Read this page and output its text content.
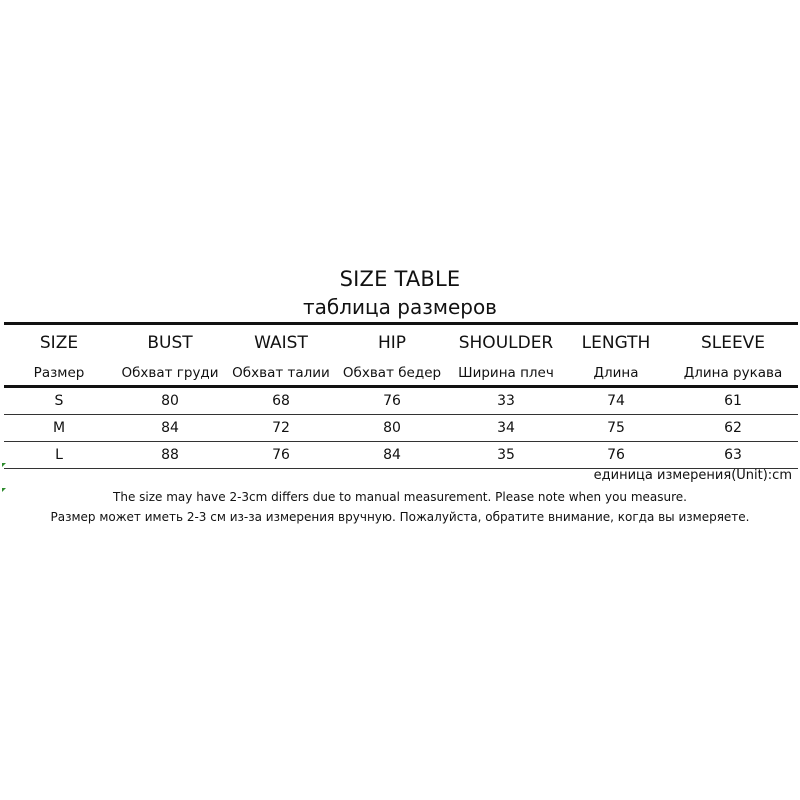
SIZE TABLE
таблица размеров
SIZE	BUST	WAIST	HIP	SHOULDER	LENGTH	SLEEVE
Размер	Обхват груди	Обхват талии	Обхват бедер	Ширина плеч	Длина	Длина рукава
S	80	68	76	33	74	61
M	84	72	80	34	75	62
L	88	76	84	35	76	63
единица измерения(Unit):cm
The size may have 2-3cm differs due to manual measurement. Please note when you measure.
Размер может иметь 2-3 см из-за измерения вручную. Пожалуйста, обратите внимание, когда вы измеряете.
